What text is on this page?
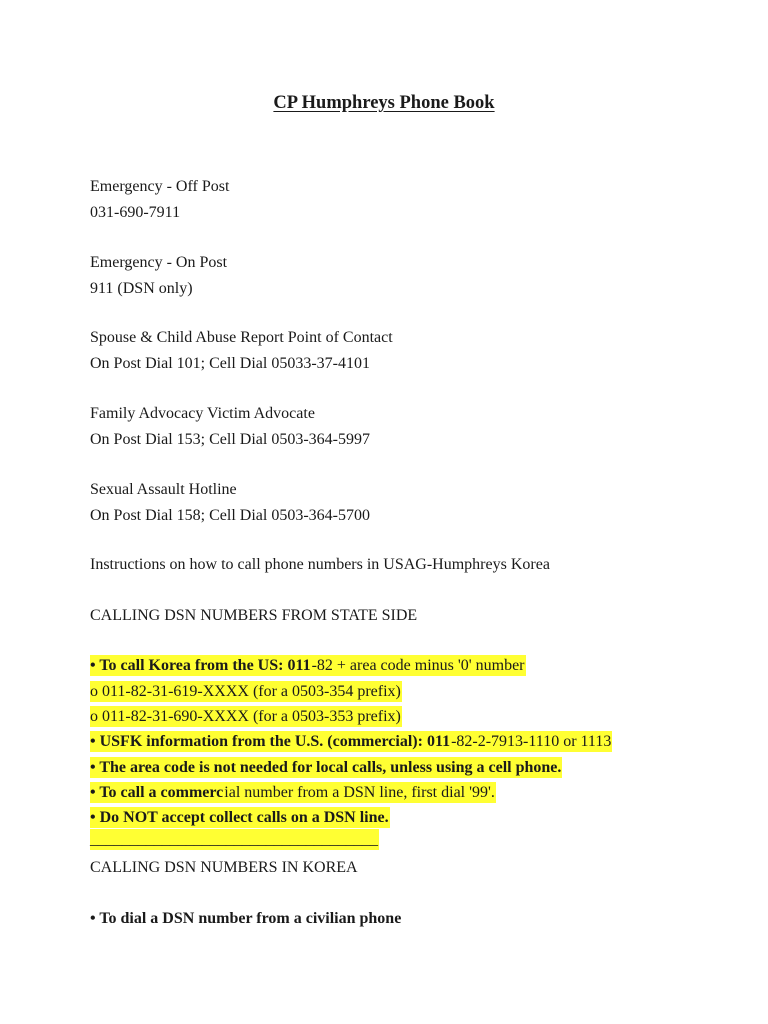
CP Humphreys Phone Book
Emergency - Off Post
031-690-7911
Emergency - On Post
911 (DSN only)
Spouse & Child Abuse Report Point of Contact
On Post Dial 101; Cell Dial 05033-37-4101
Family Advocacy Victim Advocate
On Post Dial 153; Cell Dial 0503-364-5997
Sexual Assault Hotline
On Post Dial 158; Cell Dial 0503-364-5700
Instructions on how to call phone numbers in USAG-Humphreys Korea
CALLING DSN NUMBERS FROM STATE SIDE
• To call Korea from the US: 011-82 + area code minus '0' number
o 011-82-31-619-XXXX (for a 0503-354 prefix)
o 011-82-31-690-XXXX (for a 0503-353 prefix)
• USFK information from the U.S. (commercial): 011-82-2-7913-1110 or 1113
• The area code is not needed for local calls, unless using a cell phone.
• To call a commercial number from a DSN line, first dial '99'.
• Do NOT accept collect calls on a DSN line.
____________________________________
CALLING DSN NUMBERS IN KOREA
• To dial a DSN number from a civilian phone
